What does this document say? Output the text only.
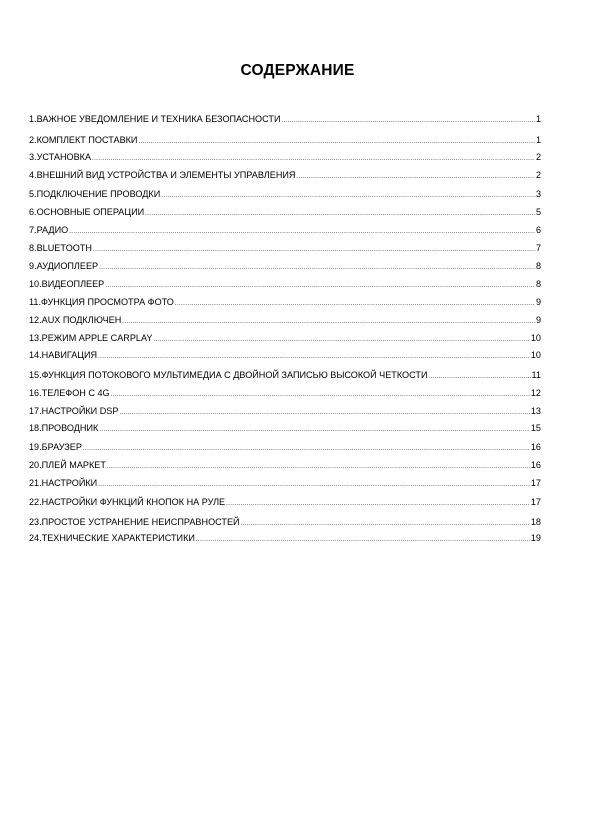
СОДЕРЖАНИЕ
1.ВАЖНОЕ УВЕДОМЛЕНИЕ И ТЕХНИКА БЕЗОПАСНОСТИ .....	1
2.КОМПЛЕКТ ПОСТАВКИ .....	1
3.УСТАНОВКА .....	2
4.ВНЕШНИЙ ВИД УСТРОЙСТВА И ЭЛЕМЕНТЫ УПРАВЛЕНИЯ .....	2
5.ПОДКЛЮЧЕНИЕ ПРОВОДКИ .....	3
6.ОСНОВНЫЕ ОПЕРАЦИИ .....	5
7.РАДИО .....	6
8.BLUETOOTH .....	7
9.АУДИОПЛЕЕР .....	8
10.ВИДЕОПЛЕЕР .....	8
11.ФУНКЦИЯ ПРОСМОТРА ФОТО .....	9
12.AUX ПОДКЛЮЧЕН .....	9
13.РЕЖИМ APPLE CARPLAY .....	10
14.НАВИГАЦИЯ .....	10
15.ФУНКЦИЯ ПОТОКОВОГО МУЛЬТИМЕДИА С ДВОЙНОЙ ЗАПИСЬЮ ВЫСОКОЙ ЧЕТКОСТИ .....	11
16.ТЕЛЕФОН С 4G .....	12
17.НАСТРОЙКИ DSP .....	13
18.ПРОВОДНИК .....	15
19.БРАУЗЕР .....	16
20.ПЛЕЙ МАРКЕТ .....	16
21.НАСТРОЙКИ .....	17
22.НАСТРОЙКИ ФУНКЦИЙ КНОПОК НА РУЛЕ .....	17
23.ПРОСТОЕ УСТРАНЕНИЕ НЕИСПРАВНОСТЕЙ .....	18
24.ТЕХНИЧЕСКИЕ ХАРАКТЕРИСТИКИ .....	19
